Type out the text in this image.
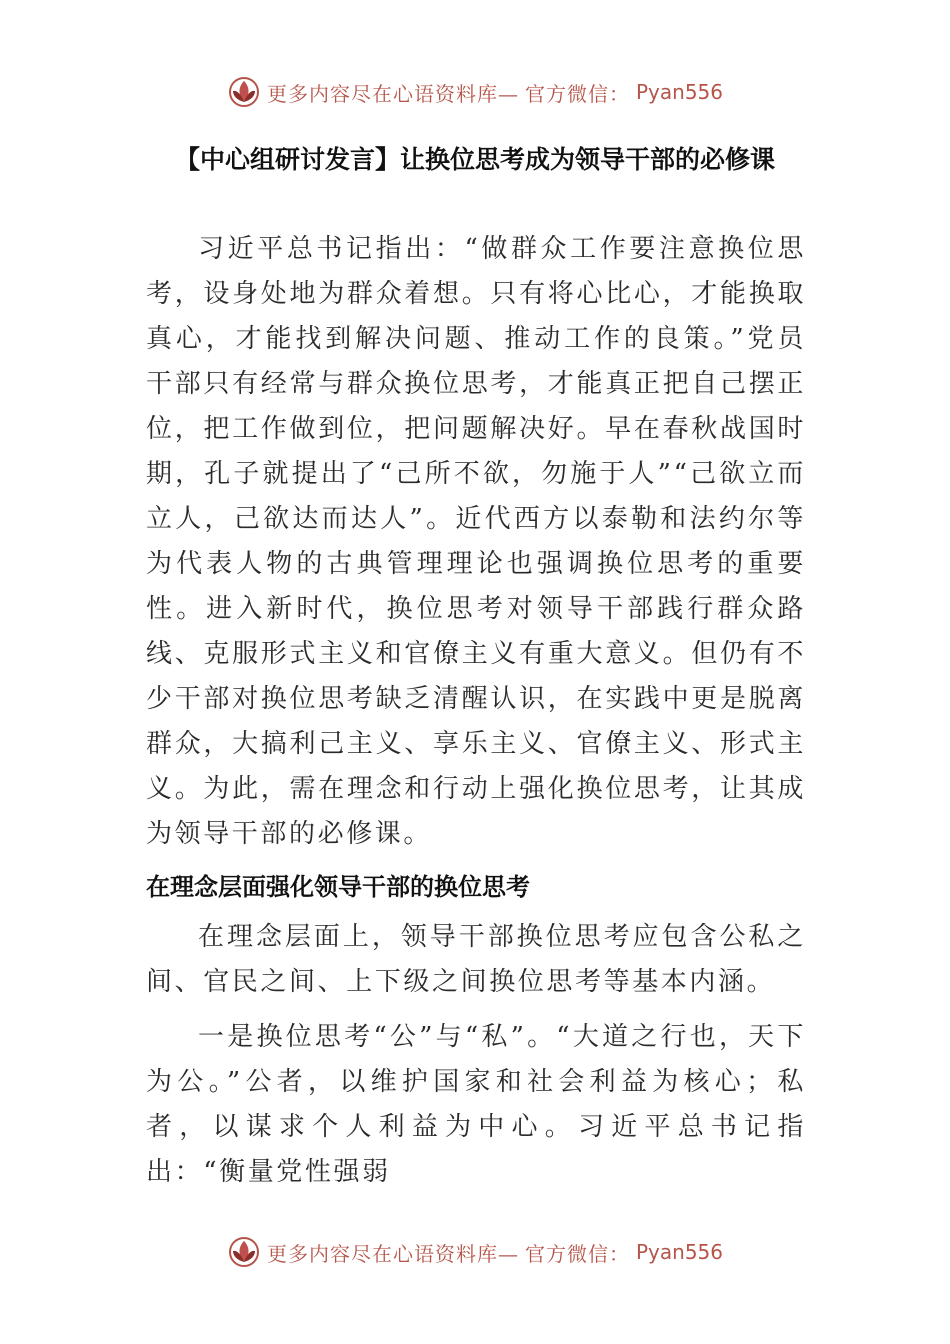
更多内容尽在心语资料库— 官方微信： Pyan556
【中心组研讨发言】让换位思考成为领导干部的必修课

习近平总书记指出：“做群众工作要注意换位思考，设身处地为群众着想。只有将心比心，才能换取真心，才能找到解决问题、推动工作的良策。”党员干部只有经常与群众换位思考，才能真正把自己摆正位，把工作做到位，把问题解决好。早在春秋战国时期，孔子就提出了“己所不欲，勿施于人”“己欲立而立人，己欲达而达人”。近代西方以泰勒和法约尔等为代表人物的古典管理理论也强调换位思考的重要性。进入新时代，换位思考对领导干部践行群众路线、克服形式主义和官僚主义有重大意义。但仍有不少干部对换位思考缺乏清醒认识，在实践中更是脱离群众，大搞利己主义、享乐主义、官僚主义、形式主义。为此，需在理念和行动上强化换位思考，让其成为领导干部的必修课。

在理念层面强化领导干部的换位思考

在理念层面上，领导干部换位思考应包含公私之间、官民之间、上下级之间换位思考等基本内涵。

一是换位思考“公”与“私”。“大道之行也，天下为公。”公者，以维护国家和社会利益为核心；私者，以谋求个人利益为中心。习近平总书记指出：“衡量党性强弱

更多内容尽在心语资料库— 官方微信： Pyan556
